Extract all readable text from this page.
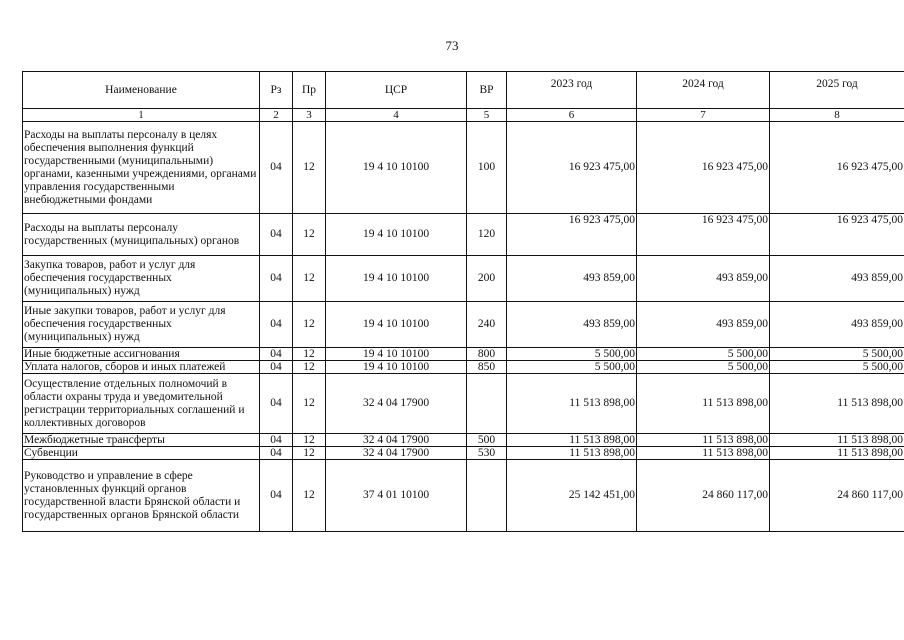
73
Наименование	Рз	Пр	ЦСР	ВР	2023 год	2024 год	2025 год
1	2	3	4	5	6	7	8
Расходы на выплаты персоналу в целях обеспечения выполнения функций государственными (муниципальными) органами, казенными учреждениями, органами управления государственными внебюджетными фондами	04	12	19 4 10 10100	100	16 923 475,00	16 923 475,00	16 923 475,00
Расходы на выплаты персоналу государственных (муниципальных) органов	04	12	19 4 10 10100	120	16 923 475,00	16 923 475,00	16 923 475,00
Закупка товаров, работ и услуг для обеспечения государственных (муниципальных) нужд	04	12	19 4 10 10100	200	493 859,00	493 859,00	493 859,00
Иные закупки товаров, работ и услуг для обеспечения государственных (муниципальных) нужд	04	12	19 4 10 10100	240	493 859,00	493 859,00	493 859,00
Иные бюджетные ассигнования	04	12	19 4 10 10100	800	5 500,00	5 500,00	5 500,00
Уплата налогов, сборов и иных платежей	04	12	19 4 10 10100	850	5 500,00	5 500,00	5 500,00
Осуществление отдельных полномочий в области охраны труда и уведомительной регистрации территориальных соглашений и коллективных договоров	04	12	32 4 04 17900		11 513 898,00	11 513 898,00	11 513 898,00
Межбюджетные трансферты	04	12	32 4 04 17900	500	11 513 898,00	11 513 898,00	11 513 898,00
Субвенции	04	12	32 4 04 17900	530	11 513 898,00	11 513 898,00	11 513 898,00
Руководство и управление в сфере установленных функций органов государственной власти Брянской области и государственных органов Брянской области	04	12	37 4 01 10100		25 142 451,00	24 860 117,00	24 860 117,00
